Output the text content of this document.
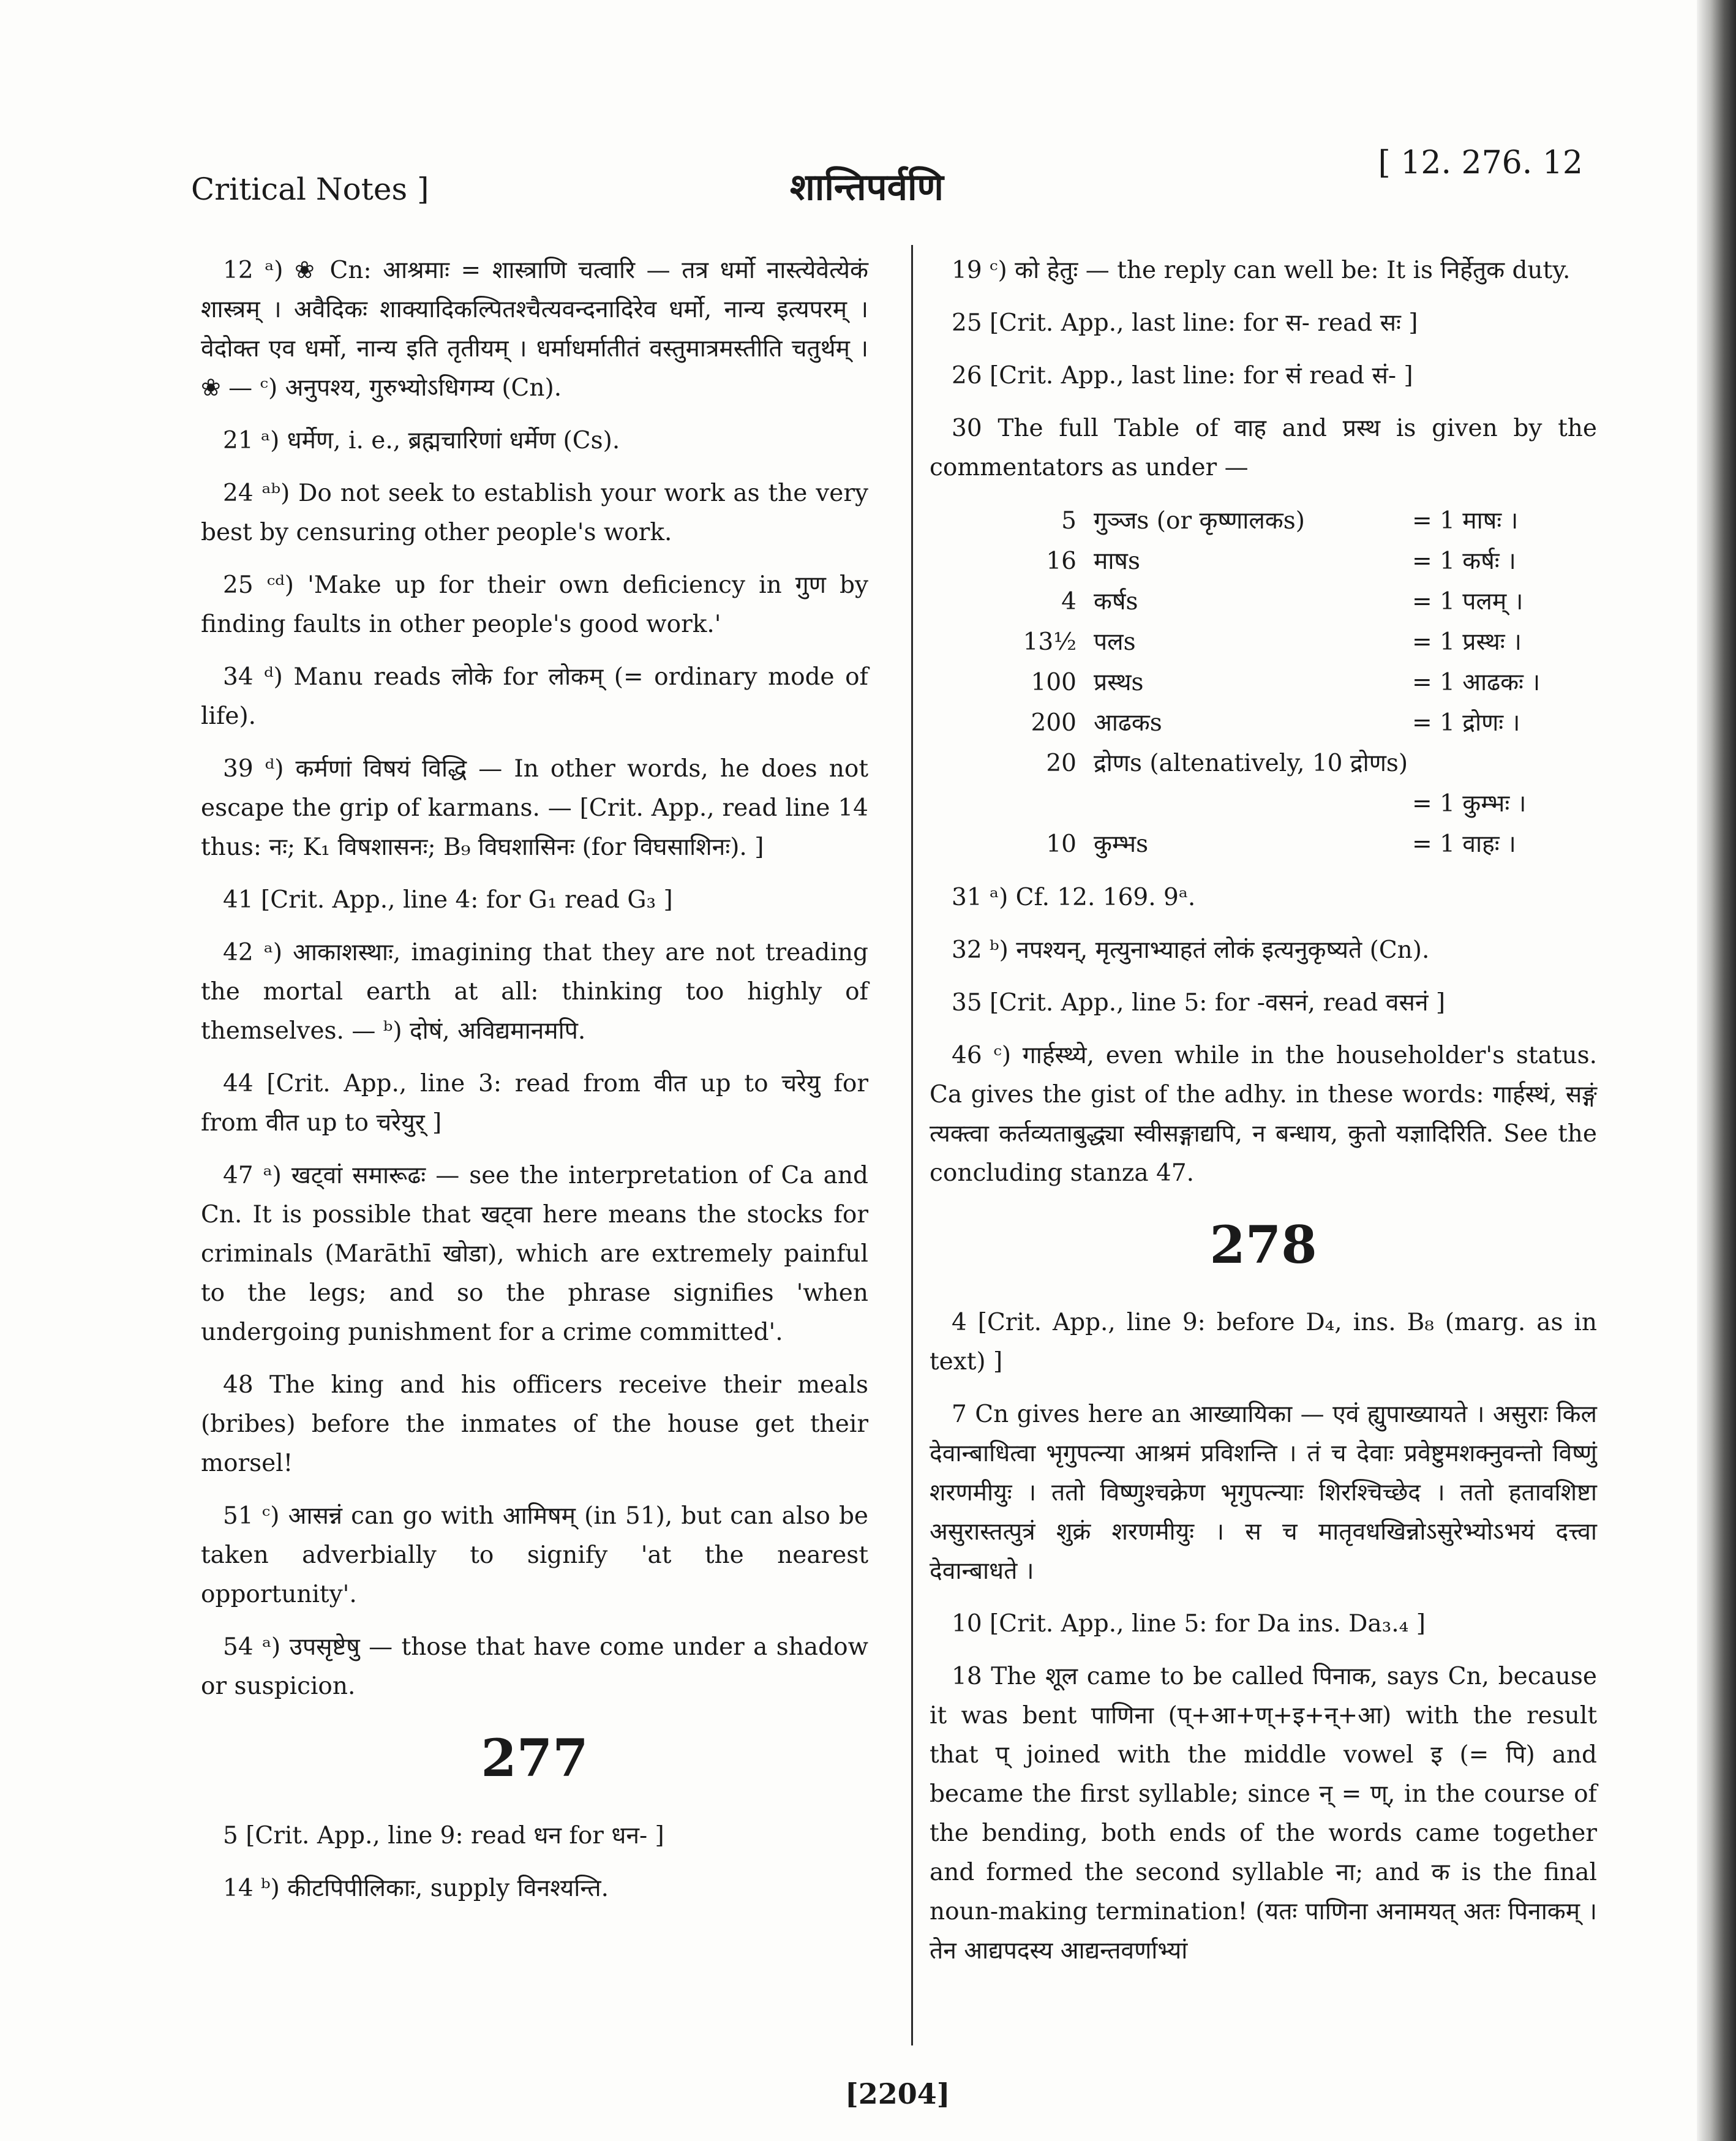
Critical Notes ]	शान्तिपर्वणि
[ 12. 276. 12

12 ᵃ) ❀ Cn: आश्रमाः = शास्त्राणि चत्वारि — तत्र धर्मो नास्त्येवेत्येकं शास्त्रम् । अवैदिकः शाक्यादिकल्पितश्चैत्यवन्दनादिरेव धर्मो, नान्य इत्यपरम् । वेदोक्त एव धर्मो, नान्य इति तृतीयम् । धर्माधर्मातीतं वस्तुमात्रमस्तीति चतुर्थम् । ❀ — ᶜ) अनुपश्य, गुरुभ्योऽधिगम्य (Cn).

21 ᵃ) धर्मेण, i. e., ब्रह्मचारिणां धर्मेण (Cs).

24 ᵃᵇ) Do not seek to establish your work as the very best by censuring other people's work.

25 ᶜᵈ) 'Make up for their own deficiency in गुण by finding faults in other people's good work.'

34 ᵈ) Manu reads लोके for लोकम् (= ordinary mode of life).

39 ᵈ) कर्मणां विषयं विद्धि — In other words, he does not escape the grip of karmans. — [Crit. App., read line 14 thus: नः; K₁ विषशासनः; B₉ विघशासिनः (for विघसाशिनः). ]

41 [Crit. App., line 4: for G₁ read G₃ ]

42 ᵃ) आकाशस्थाः, imagining that they are not treading the mortal earth at all: thinking too highly of themselves. — ᵇ) दोषं, अविद्यमानमपि.

44 [Crit. App., line 3: read from वीत up to चरेयु for from वीत up to चरेयुर् ]

47 ᵃ) खट्वां समारूढः — see the interpretation of Ca and Cn. It is possible that खट्वा here means the stocks for criminals (Marāthī खोडा), which are extremely painful to the legs; and so the phrase signifies 'when undergoing punishment for a crime committed'.

48 The king and his officers receive their meals (bribes) before the inmates of the house get their morsel!

51 ᶜ) आसन्नं can go with आमिषम् (in 51), but can also be taken adverbially to signify 'at the nearest opportunity'.

54 ᵃ) उपसृष्टेषु — those that have come under a shadow or suspicion.

277

5 [Crit. App., line 9: read धन for धन- ]

14 ᵇ) कीटपिपीलिकाः, supply विनश्यन्ति.

19 ᶜ) को हेतुः — the reply can well be: It is निर्हेतुक duty.

25 [Crit. App., last line: for स- read सः ]

26 [Crit. App., last line: for सं read सं- ]

30 The full Table of वाह and प्रस्थ is given by the commentators as under —

5 गुञ्जs (or कृष्णालकs)	= 1 माषः ।
16 माषs	= 1 कर्षः ।
4 कर्षs	= 1 पलम् ।
13½ पलs	= 1 प्रस्थः ।
100 प्रस्थs	= 1 आढकः ।
200 आढकs	= 1 द्रोणः ।
20 द्रोणs (altenatively, 10 द्रोणs)
= 1 कुम्भः ।
10 कुम्भs	= 1 वाहः ।

31 ᵃ) Cf. 12. 169. 9ᵃ.

32 ᵇ) नपश्यन्, मृत्युनाभ्याहतं लोकं इत्यनुकृष्यते (Cn).

35 [Crit. App., line 5: for -वसनं, read वसनं ]

46 ᶜ) गार्हस्थ्ये, even while in the householder's status. Ca gives the gist of the adhy. in these words: गार्हस्थं, सङ्गं त्यक्त्वा कर्तव्यताबुद्ध्या स्वीसङ्गाद्यपि, न बन्धाय, कुतो यज्ञादिरिति. See the concluding stanza 47.

278

4 [Crit. App., line 9: before D₄, ins. B₈ (marg. as in text) ]

7 Cn gives here an आख्यायिका — एवं ह्युपाख्यायते । असुराः किल देवान्बाधित्वा भृगुपत्न्या आश्रमं प्रविशन्ति । तं च देवाः प्रवेष्टुमशक्नुवन्तो विष्णुं शरणमीयुः । ततो विष्णुश्चक्रेण भृगुपत्न्याः शिरश्चिच्छेद । ततो हतावशिष्टा असुरास्तत्पुत्रं शुक्रं शरणमीयुः । स च मातृवधखिन्नोऽसुरेभ्योऽभयं दत्त्वा देवान्बाधते ।

10 [Crit. App., line 5: for Da ins. Da₃.₄ ]

18 The शूल came to be called पिनाक, says Cn, because it was bent पाणिना (प्+आ+ण्+इ+न्+आ) with the result that प् joined with the middle vowel इ (= पि) and became the first syllable; since न् = ण्, in the course of the bending, both ends of the words came together and formed the second syllable ना; and क is the final noun-making termination! (यतः पाणिना अनामयत् अतः पिनाकम् । तेन आद्यपदस्य आद्यन्तवर्णाभ्यां

[2204]
